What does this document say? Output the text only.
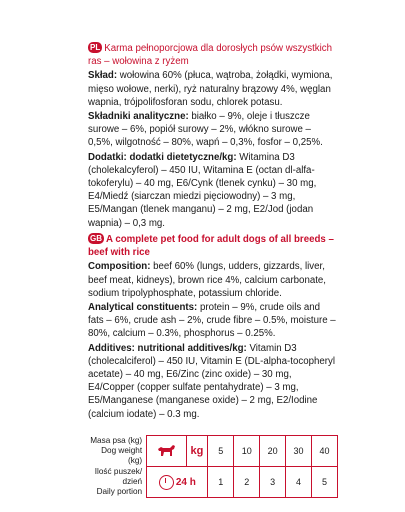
PL Karma pełnoporcjowa dla dorosłych psów wszystkich ras – wołowina z ryżem

Skład: wołowina 60% (płuca, wątroba, żołądki, wymiona, mięso wołowe, nerki), ryż naturalny brązowy 4%, węglan wapnia, trójpolifosforan sodu, chlorek potasu.

Składniki analityczne: białko – 9%, oleje i tłuszcze surowe – 6%, popiół surowy – 2%, włókno surowe – 0,5%, wilgotność – 80%, wapń – 0,3%, fosfor – 0,25%.

Dodatki: dodatki dietetyczne/kg: Witamina D3 (cholekalcyferol) – 450 IU, Witamina E (octan dl-alfa-tokoferylu) – 40 mg, E6/Cynk (tlenek cynku) – 30 mg, E4/Miedź (siarczan miedzi pięciowodny) – 3 mg, E5/Mangan (tlenek manganu) – 2 mg, E2/Jod (jodan wapnia) – 0,3 mg.

GB A complete pet food for adult dogs of all breeds – beef with rice

Composition: beef 60% (lungs, udders, gizzards, liver, beef meat, kidneys), brown rice 4%, calcium carbonate, sodium tripolyphosphate, potassium chloride.

Analytical constituents: protein – 9%, crude oils and fats – 6%, crude ash – 2%, crude fibre – 0.5%, moisture – 80%, calcium – 0.3%, phosphorus – 0.25%.

Additives: nutritional additives/kg: Vitamin D3 (cholecalciferol) – 450 IU, Vitamin E (DL-alpha-tocopheryl acetate) – 40 mg, E6/Zinc (zinc oxide) – 30 mg, E4/Copper (copper sulfate pentahydrate) – 3 mg, E5/Manganese (manganese oxide) – 2 mg, E2/Iodine (calcium iodate) – 0.3 mg.

Masa psa (kg)
Dog weight (kg)		kg	5	10	20	30	40

Ilość puszek/ dzień
Daily portion	24 h		1	2	3	4	5
